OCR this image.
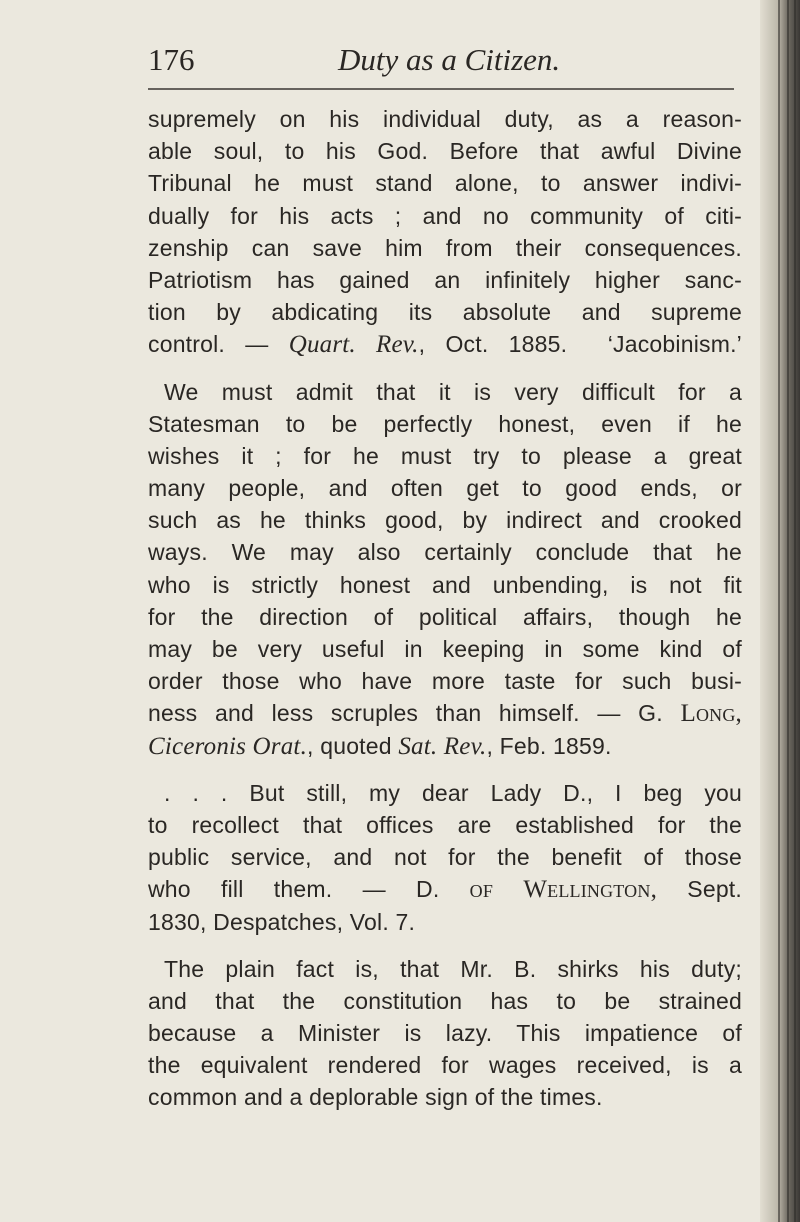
176	Duty as a Citizen.
supremely on his individual duty, as a reason-
able soul, to his God. Before that awful Divine
Tribunal he must stand alone, to answer indivi-
dually for his acts ; and no community of citi-
zenship can save him from their consequences.
Patriotism has gained an infinitely higher sanc-
tion by abdicating its absolute and supreme
control. — Quart. Rev., Oct. 1885. ‘Jacobinism.’
We must admit that it is very difficult for a
Statesman to be perfectly honest, even if he
wishes it ; for he must try to please a great
many people, and often get to good ends, or
such as he thinks good, by indirect and crooked
ways. We may also certainly conclude that he
who is strictly honest and unbending, is not fit
for the direction of political affairs, though he
may be very useful in keeping in some kind of
order those who have more taste for such busi-
ness and less scruples than himself. — G. Long,
Ciceronis Orat., quoted Sat. Rev., Feb. 1859.
. . . But still, my dear Lady D., I beg you
to recollect that offices are established for the
public service, and not for the benefit of those
who fill them. — D. of Wellington, Sept.
1830, Despatches, Vol. 7.
The plain fact is, that Mr. B. shirks his duty;
and that the constitution has to be strained
because a Minister is lazy. This impatience of
the equivalent rendered for wages received, is a
common and a deplorable sign of the times.
